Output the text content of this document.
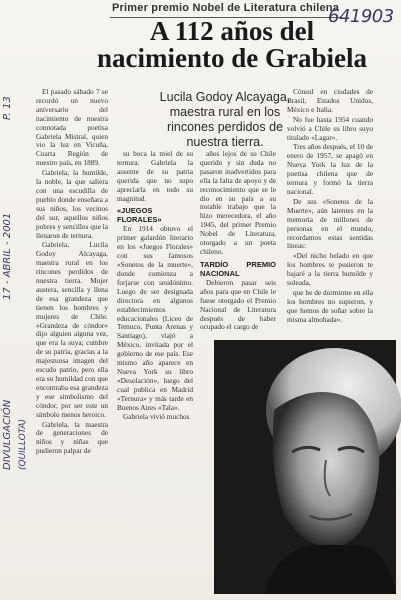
Primer premio Nobel de Literatura chilena
641903
A 112 años del
nacimiento de Grabiela
Lucila Godoy Alcayaga,
maestra rural en los
rincones perdidos de
nuestra tierra.
P. 13
17 - ABRIL - 2001
DIVULGACIÓN (QUILLOTA)

El pasado sábado 7 se recordó un nuevo aniversario del nacimiento de nuestra connotada poetisa Gabriela Mistral, quien vio la luz en Vicuña, Cuarta Región de nuestro país, en 1889.

Gabriela, la humilde, la noble, la que saliera con una escudilla de pueblo donde enseñara a sus niños, los vecinos del sur, aquellos niños pobres y sencillos que la llenaron de ternura.

Gabriela, Lucila Godoy Alcayaga, maestra rural en los rincones perdidos de nuestra tierra. Mujer austera, sencilla y llena de esa grandeza que tienen los hombres y mujeres de Chile. «Grandeza de cóndor» dijo alguien alguna vez, que era la suya; cumbre de su patria, gracias a la majestuosa imagen del escudo patrio, pero ella era su humildad con que encontraba esa grandeza y ese simbolismo del cóndor, por ser este un símbolo menos heroico.

Gabriela, la maestra de generaciones de niños y niñas que pudieron palpar de

su boca la miel de su ternura. Gabriela la ausente de su patria querida que no supo apreciarla en todo su magnitud.

«JUEGOS FLORALES»

En 1914 obtuvo el primer galardón literario en los «Juegos Florales» con sus famosos «Sonetos de la muerte», donde comienza a forjarse con seudónimo. Luego de ser designada directora en algunos establecimientos educacionales (Liceo de Temuco, Punta Arenas y Santiago), viajó a México, invitada por el gobierno de ese país. Ese mismo año aparece en Nueva York su libro «Desolación», luego del cual publica en Madrid «Ternura» y más tarde en Buenos Aires «Tala».

Gabriela vivió muchos

años lejos de su Chile querido y sin duda no pasaron inadvertidos para ella la falta de apoyo y de reconocimiento que se le dio en su país a su notable trabajo que la hizo merecedora, el año 1945, del primer Premio Nobel de Literatura, otorgado a un poeta chileno.

TARDÍO PREMIO NACIONAL

Debieron pasar seis años para que en Chile le fuese otorgado el Premio Nacional de Literatura después de haber ocupado el cargo de

Cónsul en ciudades de Brasil, Estados Unidos, México e Italia.

No fue hasta 1954 cuando volvió a Chile su libro suyo titulado «Lagar».

Tres años después, el 10 de enero de 1957, se apagó en Nueva York la luz de la poetisa chilena que de ternura y formó la tierra nacional.

De sus «Sonetos de la Muerte», aún latentes en la memoria de millones de personas en el mundo, recordamos estas sentidas líneas:

«Del nicho helado en que los hombres te pusieron te bajaré a la tierra humilde y soleada,

que he de dormirme en ella los hombres no supieron, y que hemos de soñar sobre la misma almohada».
